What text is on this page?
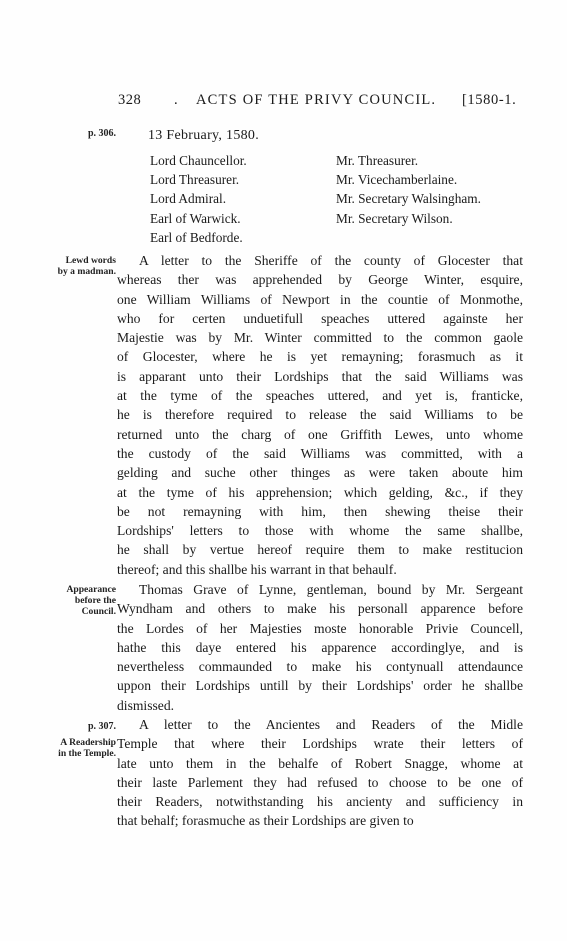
328 . ACTS OF THE PRIVY COUNCIL. [1580-1.
p. 306.
Lewd words
by a madman.
Appearance
before the
Council.
p. 307.
A Readership
in the Temple.
13 February, 1580.
Lord Chauncellor.
Lord Threasurer.
Lord Admiral.
Earl of Warwick.
Earl of Bedforde.
Mr. Threasurer.
Mr. Vicechamberlaine.
Mr. Secretary Walsingham.
Mr. Secretary Wilson.
A letter to the Sheriffe of the county of Glocester that
whereas ther was apprehended by George Winter, esquire,
one William Williams of Newport in the countie of Monmothe,
who for certen unduetifull speaches uttered againste her
Majestie was by Mr. Winter committed to the common gaole
of Glocester, where he is yet remayning; forasmuch as it
is apparant unto their Lordships that the said Williams was
at the tyme of the speaches uttered, and yet is, franticke,
he is therefore required to release the said Williams to be
returned unto the charg of one Griffith Lewes, unto whome
the custody of the said Williams was committed, with a
gelding and suche other thinges as were taken aboute him
at the tyme of his apprehension; which gelding, &c., if they
be not remayning with him, then shewing theise their
Lordships' letters to those with whome the same shallbe,
he shall by vertue hereof require them to make restitucion
thereof; and this shallbe his warrant in that behaulf.
Thomas Grave of Lynne, gentleman, bound by Mr. Sergeant
Wyndham and others to make his personall apparence before
the Lordes of her Majesties moste honorable Privie Councell,
hathe this daye entered his apparence accordinglye, and is
nevertheless commaunded to make his contynuall attendaunce
uppon their Lordships untill by their Lordships' order he shallbe
dismissed.
A letter to the Ancientes and Readers of the Midle
Temple that where their Lordships wrate their letters of
late unto them in the behalfe of Robert Snagge, whome at
their laste Parlement they had refused to choose to be one of
their Readers, notwithstanding his ancienty and sufficiency in
that behalf; forasmuche as their Lordships are given to
